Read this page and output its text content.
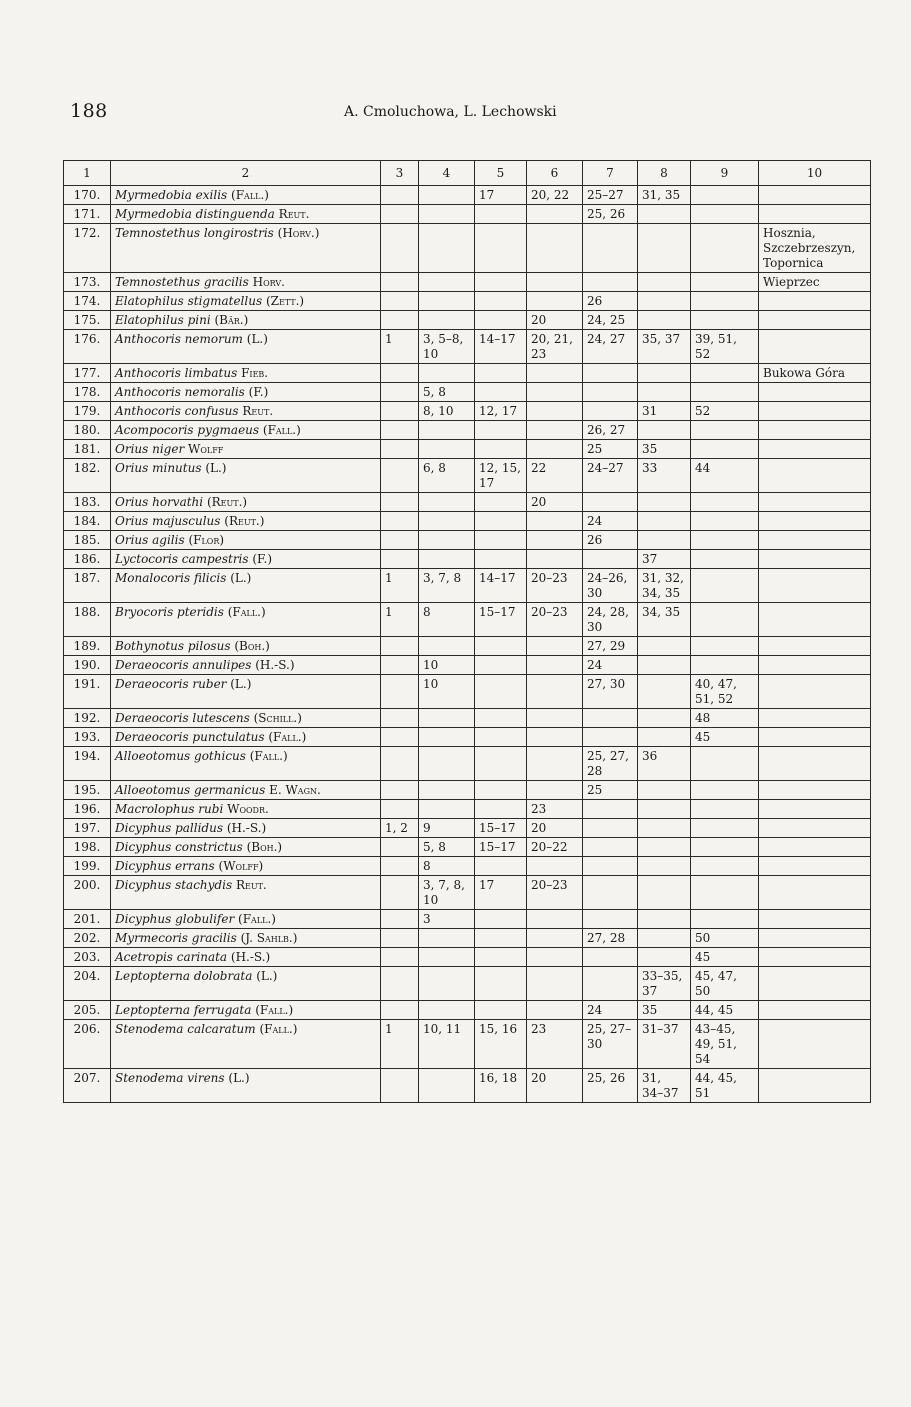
188	A. Cmoluchowa, L. Lechowski
1	2	3	4	5	6	7	8	9	10
170.	Myrmedobia exilis (Fall.)			17	20, 22	25–27	31, 35		
171.	Myrmedobia distinguenda Reut.					25, 26			
172.	Temnostethus longirostris (Horv.)								Hosznia, Szczebrzeszyn, Topornica
173.	Temnostethus gracilis Horv.								Wieprzec
174.	Elatophilus stigmatellus (Zett.)					26			
175.	Elatophilus pini (Bär.)				20	24, 25			
176.	Anthocoris nemorum (L.)	1	3, 5–8, 10	14–17	20, 21, 23	24, 27	35, 37	39, 51, 52	
177.	Anthocoris limbatus Fieb.								Bukowa Góra
178.	Anthocoris nemoralis (F.)		5, 8						
179.	Anthocoris confusus Reut.		8, 10	12, 17			31	52	
180.	Acompocoris pygmaeus (Fall.)					26, 27			
181.	Orius niger Wolff					25	35		
182.	Orius minutus (L.)		6, 8	12, 15, 17	22	24–27	33	44	
183.	Orius horvathi (Reut.)				20				
184.	Orius majusculus (Reut.)					24			
185.	Orius agilis (Flor)					26			
186.	Lyctocoris campestris (F.)						37		
187.	Monalocoris filicis (L.)	1	3, 7, 8	14–17	20–23	24–26, 30	31, 32, 34, 35		
188.	Bryocoris pteridis (Fall.)	1	8	15–17	20–23	24, 28, 30	34, 35		
189.	Bothynotus pilosus (Boh.)					27, 29			
190.	Deraeocoris annulipes (H.-S.)		10			24			
191.	Deraeocoris ruber (L.)		10			27, 30		40, 47, 51, 52	
192.	Deraeocoris lutescens (Schill.)							48	
193.	Deraeocoris punctulatus (Fall.)							45	
194.	Alloeotomus gothicus (Fall.)					25, 27, 28	36		
195.	Alloeotomus germanicus E. Wagn.					25			
196.	Macrolophus rubi Woodr.				23				
197.	Dicyphus pallidus (H.-S.)	1, 2	9	15–17	20				
198.	Dicyphus constrictus (Boh.)		5, 8	15–17	20–22				
199.	Dicyphus errans (Wolff)		8						
200.	Dicyphus stachydis Reut.		3, 7, 8, 10	17	20–23				
201.	Dicyphus globulifer (Fall.)		3						
202.	Myrmecoris gracilis (J. Sahlb.)					27, 28		50	
203.	Acetropis carinata (H.-S.)							45	
204.	Leptopterna dolobrata (L.)						33–35, 37	45, 47, 50	
205.	Leptopterna ferrugata (Fall.)					24	35	44, 45	
206.	Stenodema calcaratum (Fall.)	1	10, 11	15, 16	23	25, 27–30	31–37	43–45, 49, 51, 54	
207.	Stenodema virens (L.)			16, 18	20	25, 26	31, 34–37	44, 45, 51	
